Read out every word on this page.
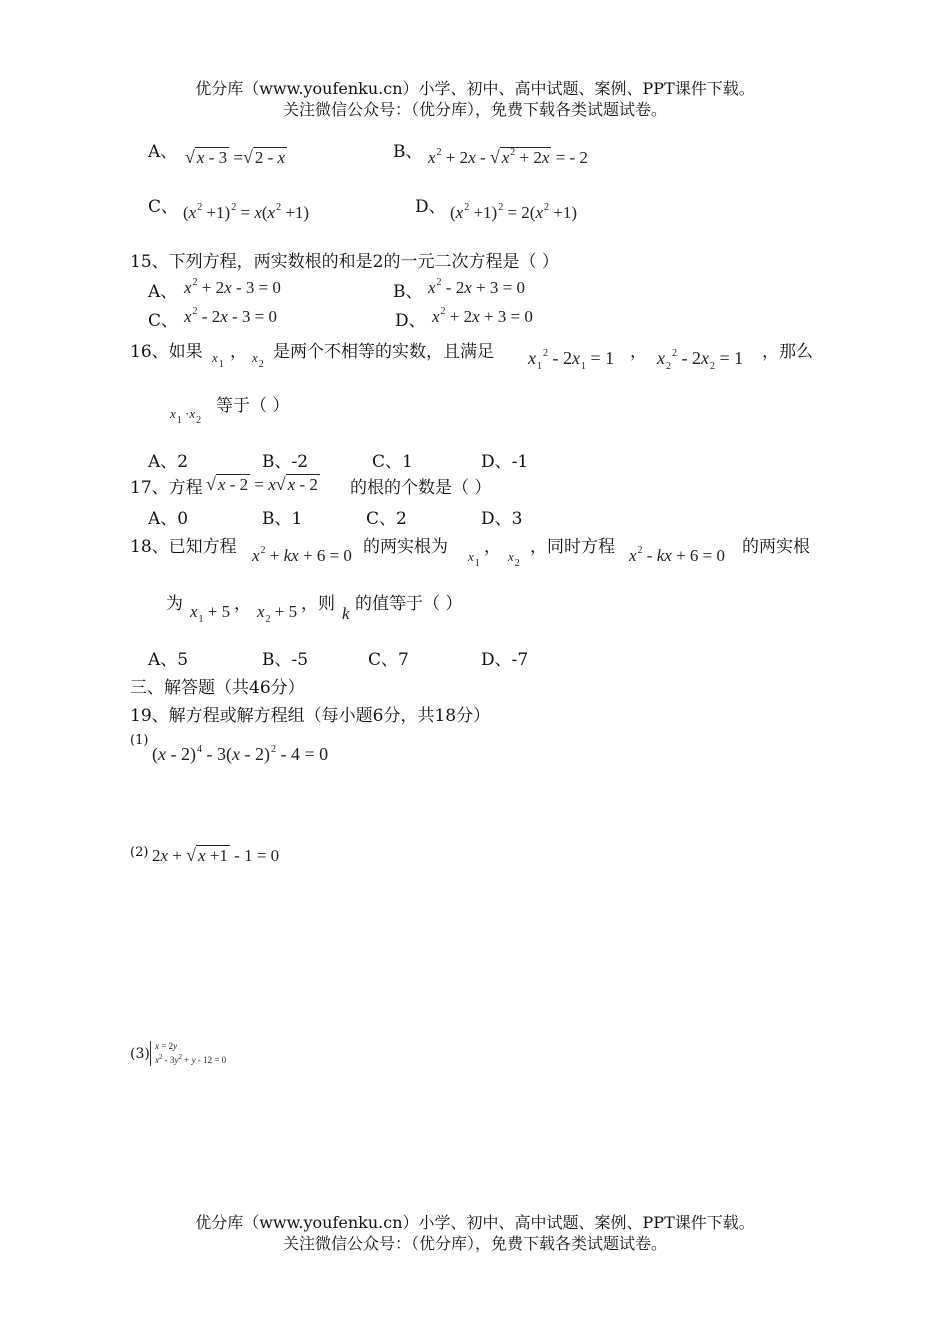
优分库（www.youfenku.cn）小学、初中、高中试题、案例、PPT课件下载。
关注微信公众号：（优分库），免费下载各类试题试卷。
A、 √ x - 3 =√ 2 - x	B、 $x^2 + 2x$ - √ $x^2 + 2x$ = - 2
C、 $(x^2 +1)^2 = x(x^2 +1)$	D、 $(x^2 +1)^2 = 2(x^2 +1)$
15、下列方程，两实数根的和是2的一元二次方程是（ ）
A、 $x^2 + 2x - 3 = 0$	B、 $x^2 - 2x + 3 = 0$
C、 $x^2 - 2x - 3 = 0$	D、 $x^2 + 2x + 3 = 0$
16、如果 $x_1$
， $x_2$
是两个不相等的实数，且满足 $x_1^2 - 2x_1 = 1$ ， $x_2^2 - 2x_2 = 1$ ，那么
$x_1 \cdot x_2$
等于（ ）
A、2	B、-2	C、1	D、-1
17、方程 √ x - 2 = x√ x - 2 的根的个数是（ ）
A、0	B、1	C、2	D、3
18、已知方程 $x^2$ + kx + 6 = 0 的两实根为 $x_1$
， $x_2$
，同时方程 $x^2$ - kx + 6 = 0 的两实根
为 $x_1 + 5$ ， $x_2 + 5$ ，则 k 的值等于（ ）
A、5	B、-5	C、7	D、-7
三、解答题（共46分）
19、解方程或解方程组（每小题6分，共18分）
(1)
(x - 2)$^4$ - 3(x - 2)$^2$ - 4 = 0
(2) 2x + √ x +1 - 1 = 0
(3) x = 2y
$x^2 - 3y^2 + y - 12 = 0$
优分库（www.youfenku.cn）小学、初中、高中试题、案例、PPT课件下载。
关注微信公众号：（优分库），免费下载各类试题试卷。
